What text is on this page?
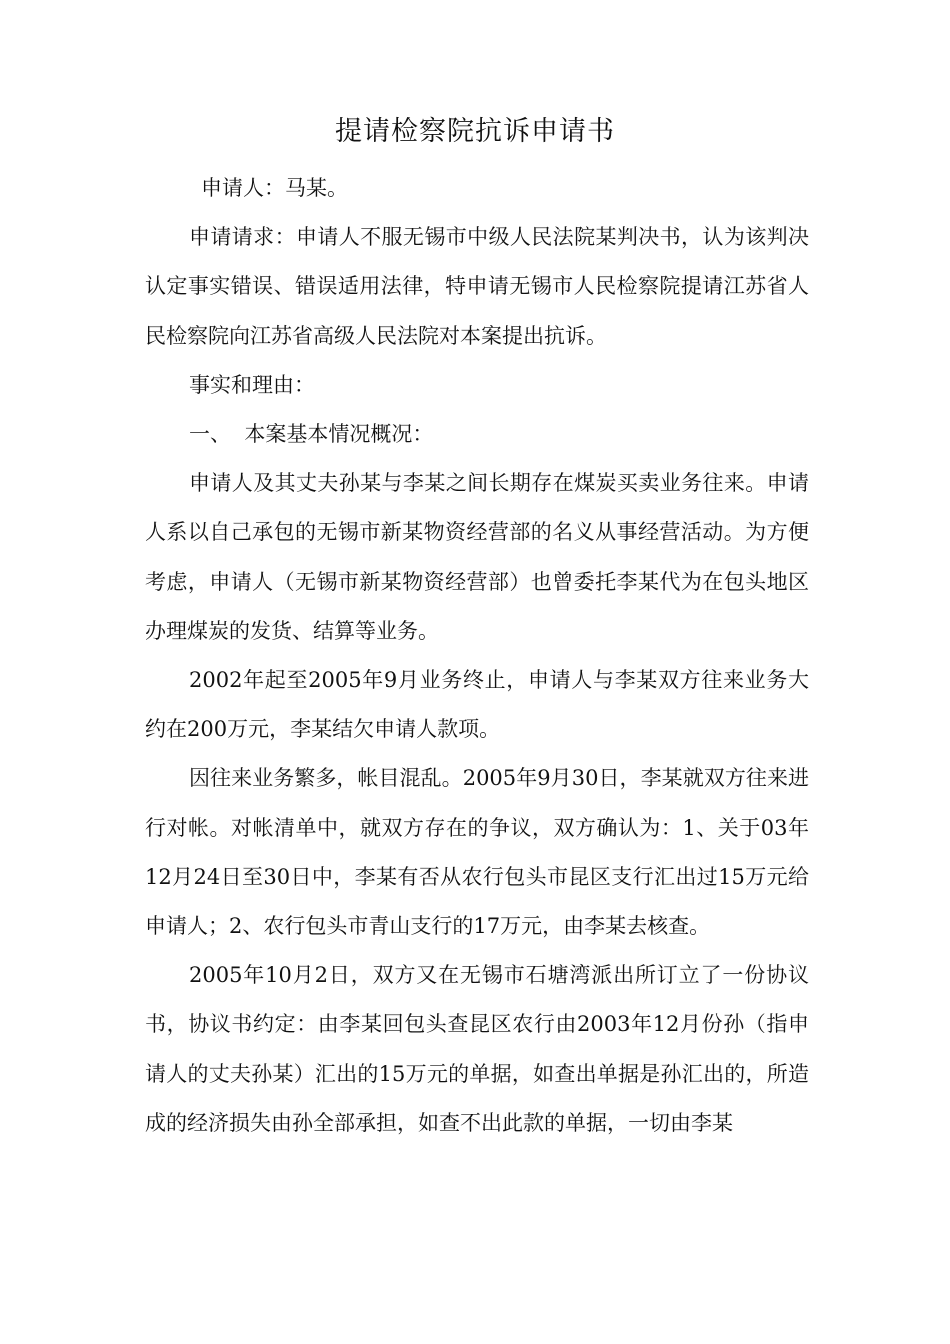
提请检察院抗诉申请书

申请人：马某。

申请请求：申请人不服无锡市中级人民法院某判决书，认为该判决认定事实错误、错误适用法律，特申请无锡市人民检察院提请江苏省人民检察院向江苏省高级人民法院对本案提出抗诉。

事实和理由：

一、  本案基本情况概况：

申请人及其丈夫孙某与李某之间长期存在煤炭买卖业务往来。申请人系以自己承包的无锡市新某物资经营部的名义从事经营活动。为方便考虑，申请人（无锡市新某物资经营部）也曾委托李某代为在包头地区办理煤炭的发货、结算等业务。

2002年起至2005年9月业务终止，申请人与李某双方往来业务大约在200万元，李某结欠申请人款项。

因往来业务繁多，帐目混乱。2005年9月30日，李某就双方往来进行对帐。对帐清单中，就双方存在的争议，双方确认为：1、关于03年12月24日至30日中，李某有否从农行包头市昆区支行汇出过15万元给申请人；2、农行包头市青山支行的17万元，由李某去核查。

2005年10月2日，双方又在无锡市石塘湾派出所订立了一份协议书，协议书约定：由李某回包头查昆区农行由2003年12月份孙（指申请人的丈夫孙某）汇出的15万元的单据，如查出单据是孙汇出的，所造成的经济损失由孙全部承担，如查不出此款的单据，一切由李某
